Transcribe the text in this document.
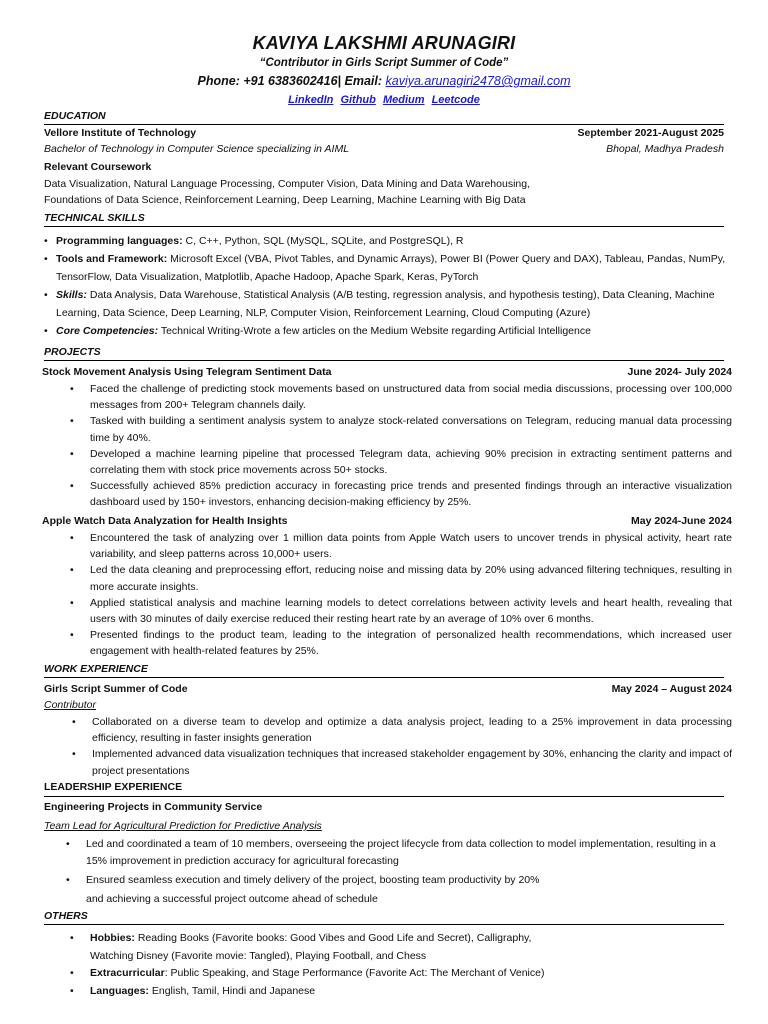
KAVIYA LAKSHMI ARUNAGIRI
“Contributor in Girls Script Summer of Code”
Phone: +91 6383602416| Email: kaviya.arunagiri2478@gmail.com
LinkedIn Github Medium Leetcode
EDUCATION
Vellore Institute of Technology	September 2021-August 2025
Bachelor of Technology in Computer Science specializing in AIML	Bhopal, Madhya Pradesh
Relevant Coursework
Data Visualization, Natural Language Processing, Computer Vision, Data Mining and Data Warehousing,
Foundations of Data Science, Reinforcement Learning, Deep Learning, Machine Learning with Big Data
TECHNICAL SKILLS
• Programming languages: C, C++, Python, SQL (MySQL, SQLite, and PostgreSQL), R
• Tools and Framework: Microsoft Excel (VBA, Pivot Tables, and Dynamic Arrays), Power BI (Power Query and DAX), Tableau, Pandas, NumPy, TensorFlow, Data Visualization, Matplotlib, Apache Hadoop, Apache Spark, Keras, PyTorch
• Skills: Data Analysis, Data Warehouse, Statistical Analysis (A/B testing, regression analysis, and hypothesis testing), Data Cleaning, Machine Learning, Data Science, Deep Learning, NLP, Computer Vision, Reinforcement Learning, Cloud Computing (Azure)
• Core Competencies: Technical Writing-Wrote a few articles on the Medium Website regarding Artificial Intelligence
PROJECTS
Stock Movement Analysis Using Telegram Sentiment Data	June 2024- July 2024
• Faced the challenge of predicting stock movements based on unstructured data from social media discussions, processing over 100,000 messages from 200+ Telegram channels daily.
• Tasked with building a sentiment analysis system to analyze stock-related conversations on Telegram, reducing manual data processing time by 40%.
• Developed a machine learning pipeline that processed Telegram data, achieving 90% precision in extracting sentiment patterns and correlating them with stock price movements across 50+ stocks.
• Successfully achieved 85% prediction accuracy in forecasting price trends and presented findings through an interactive visualization dashboard used by 150+ investors, enhancing decision-making efficiency by 25%.
Apple Watch Data Analyzation for Health Insights	May 2024-June 2024
• Encountered the task of analyzing over 1 million data points from Apple Watch users to uncover trends in physical activity, heart rate variability, and sleep patterns across 10,000+ users.
• Led the data cleaning and preprocessing effort, reducing noise and missing data by 20% using advanced filtering techniques, resulting in more accurate insights.
• Applied statistical analysis and machine learning models to detect correlations between activity levels and heart health, revealing that users with 30 minutes of daily exercise reduced their resting heart rate by an average of 10% over 6 months.
• Presented findings to the product team, leading to the integration of personalized health recommendations, which increased user engagement with health-related features by 25%.
WORK EXPERIENCE
Girls Script Summer of Code	May 2024 – August 2024
Contributor
• Collaborated on a diverse team to develop and optimize a data analysis project, leading to a 25% improvement in data processing efficiency, resulting in faster insights generation
• Implemented advanced data visualization techniques that increased stakeholder engagement by 30%, enhancing the clarity and impact of project presentations
LEADERSHIP EXPERIENCE
Engineering Projects in Community Service
Team Lead for Agricultural Prediction for Predictive Analysis
• Led and coordinated a team of 10 members, overseeing the project lifecycle from data collection to model implementation, resulting in a 15% improvement in prediction accuracy for agricultural forecasting
• Ensured seamless execution and timely delivery of the project, boosting team productivity by 20%
and achieving a successful project outcome ahead of schedule
OTHERS
• Hobbies: Reading Books (Favorite books: Good Vibes and Good Life and Secret), Calligraphy,
Watching Disney (Favorite movie: Tangled), Playing Football, and Chess
• Extracurricular: Public Speaking, and Stage Performance (Favorite Act: The Merchant of Venice)
• Languages: English, Tamil, Hindi and Japanese
